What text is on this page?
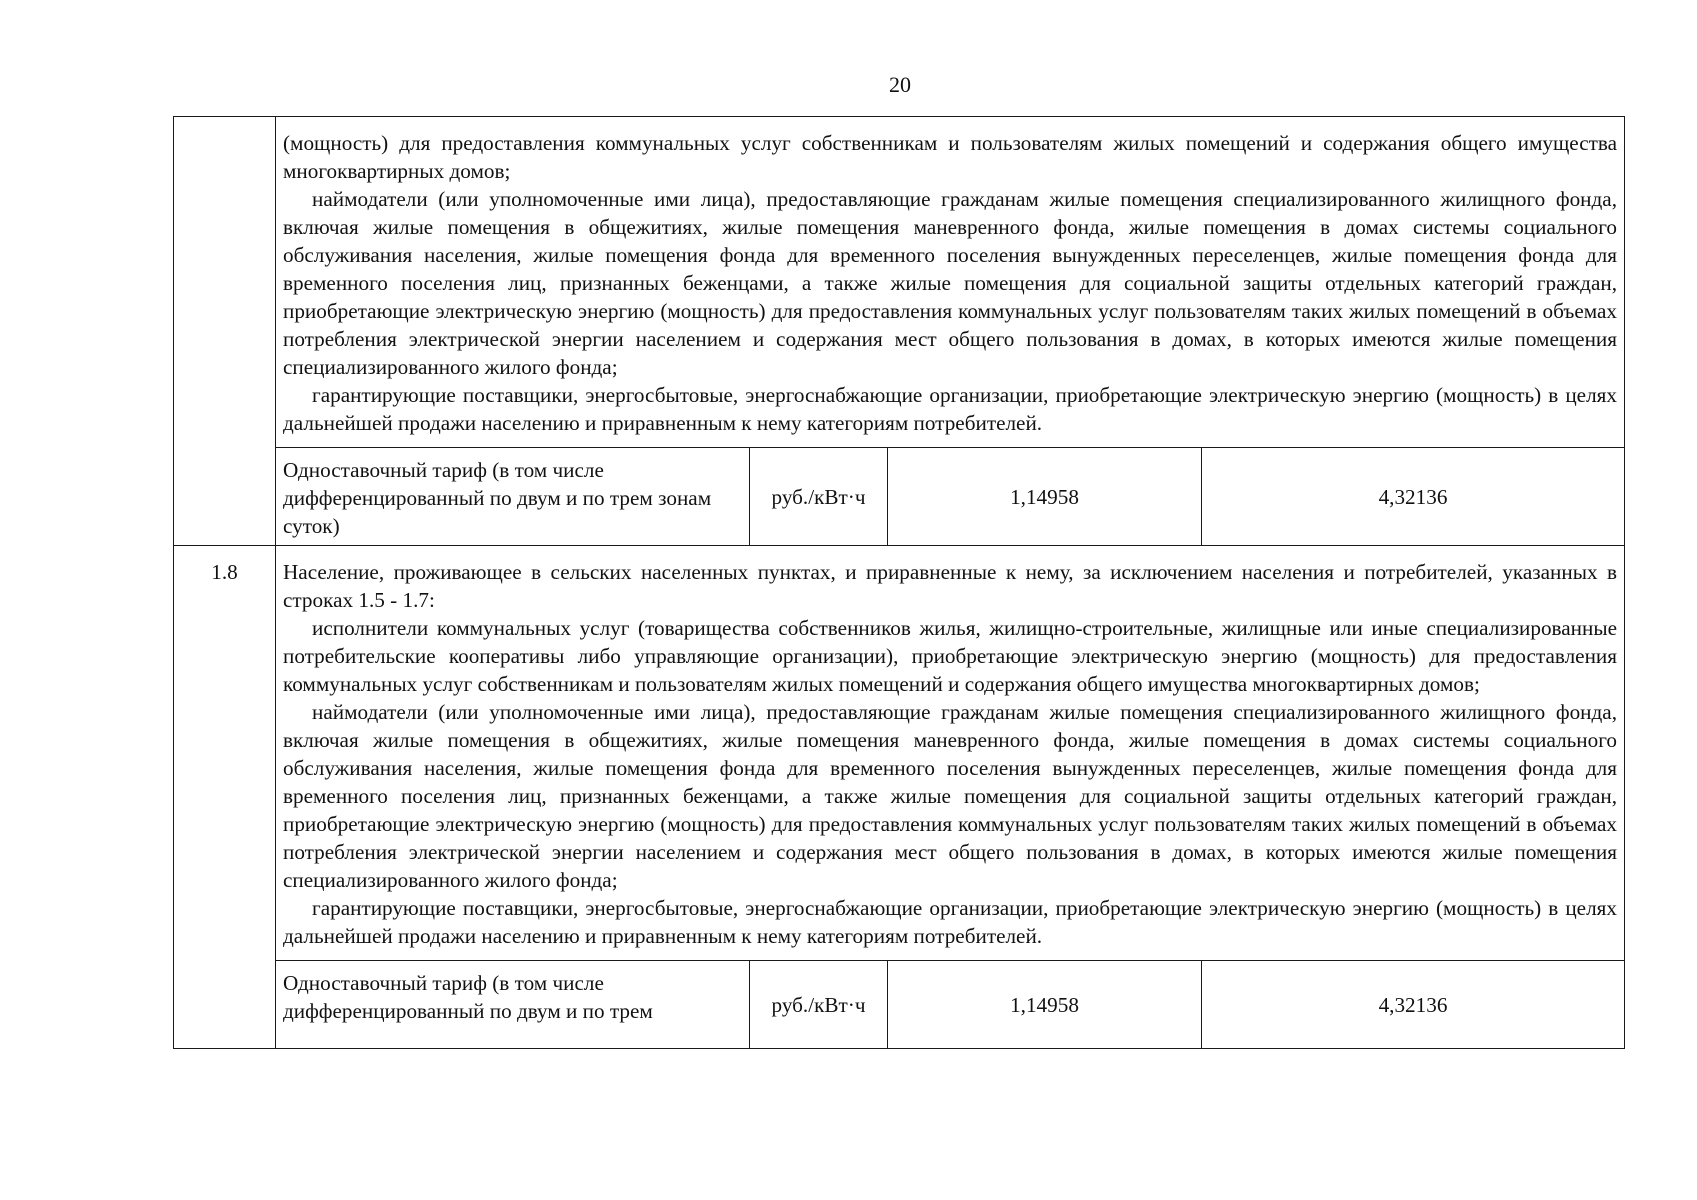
20

	(мощность) для предоставления коммунальных услуг собственникам и пользователям жилых помещений и содержания общего имущества многоквартирных домов;

наймодатели (или уполномоченные ими лица), предоставляющие гражданам жилые помещения специализированного жилищного фонда, включая жилые помещения в общежитиях, жилые помещения маневренного фонда, жилые помещения в домах системы социального обслуживания населения, жилые помещения фонда для временного поселения вынужденных переселенцев, жилые помещения фонда для временного поселения лиц, признанных беженцами, а также жилые помещения для социальной защиты отдельных категорий граждан, приобретающие электрическую энергию (мощность) для предоставления коммунальных услуг пользователям таких жилых помещений в объемах потребления электрической энергии населением и содержания мест общего пользования в домах, в которых имеются жилые помещения специализированного жилого фонда;

гарантирующие поставщики, энергосбытовые, энергоснабжающие организации, приобретающие электрическую энергию (мощность) в целях дальнейшей продажи населению и приравненным к нему категориям потребителей.			

	Одноставочный тариф (в том числе дифференцированный по двум и по трем зонам суток)	руб./кВт·ч	1,14958	4,32136
1.8	Население, проживающее в сельских населенных пунктах, и приравненные к нему, за исключением населения и потребителей, указанных в строках 1.5 - 1.7:

исполнители коммунальных услуг (товарищества собственников жилья, жилищно-строительные, жилищные или иные специализированные потребительские кооперативы либо управляющие организации), приобретающие электрическую энергию (мощность) для предоставления коммунальных услуг собственникам и пользователям жилых помещений и содержания общего имущества многоквартирных домов;

наймодатели (или уполномоченные ими лица), предоставляющие гражданам жилые помещения специализированного жилищного фонда, включая жилые помещения в общежитиях, жилые помещения маневренного фонда, жилые помещения в домах системы социального обслуживания населения, жилые помещения фонда для временного поселения вынужденных переселенцев, жилые помещения фонда для временного поселения лиц, признанных беженцами, а также жилые помещения для социальной защиты отдельных категорий граждан, приобретающие электрическую энергию (мощность) для предоставления коммунальных услуг пользователям таких жилых помещений в объемах потребления электрической энергии населением и содержания мест общего пользования в домах, в которых имеются жилые помещения специализированного жилого фонда;

гарантирующие поставщики, энергосбытовые, энергоснабжающие организации, приобретающие электрическую энергию (мощность) в целях дальнейшей продажи населению и приравненным к нему категориям потребителей.			

	Одноставочный тариф (в том числе дифференцированный по двум и по трем	руб./кВт·ч	1,14958	4,32136
